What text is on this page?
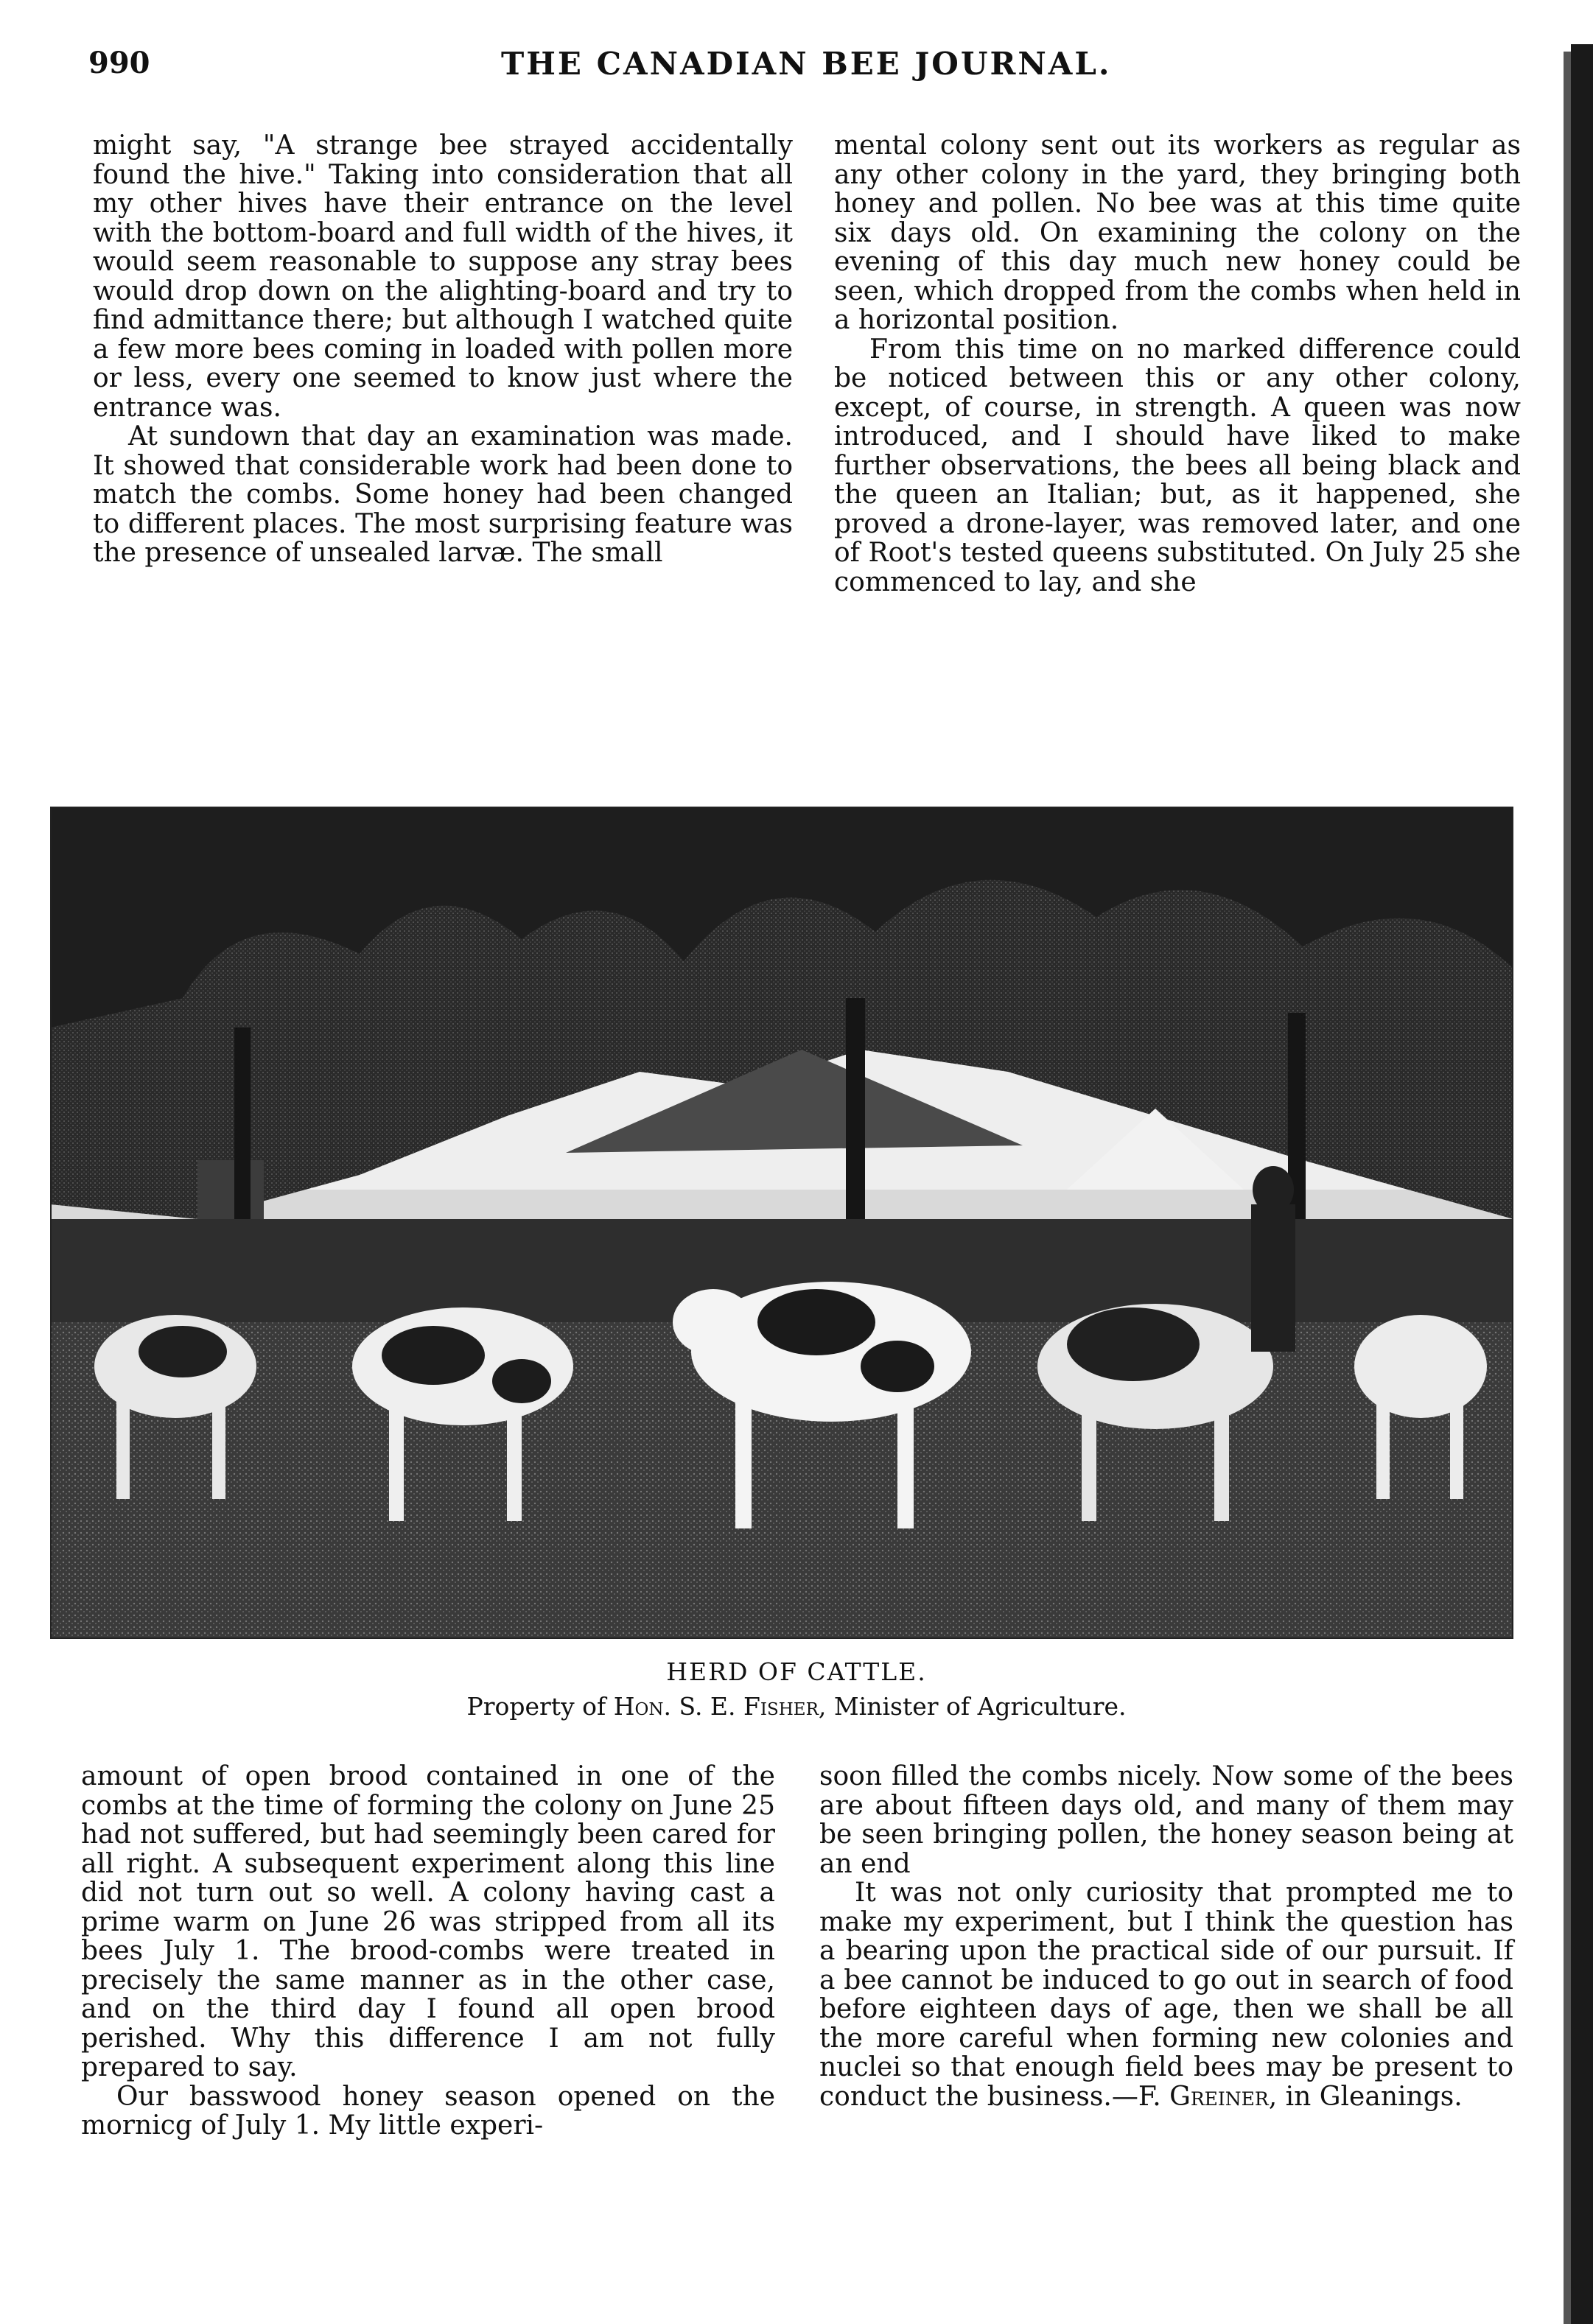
990	THE CANADIAN BEE JOURNAL.

might say, "A strange bee strayed accidentally found the hive." Taking into consideration that all my other hives have their entrance on the level with the bottom-board and full width of the hives, it would seem reasonable to suppose any stray bees would drop down on the alighting-board and try to find admittance there; but although I watched quite a few more bees coming in loaded with pollen more or less, every one seemed to know just where the entrance was.

At sundown that day an examination was made. It showed that considerable work had been done to match the combs. Some honey had been changed to different places. The most surprising feature was the presence of unsealed larvæ. The small

mental colony sent out its workers as regular as any other colony in the yard, they bringing both honey and pollen. No bee was at this time quite six days old. On examining the colony on the evening of this day much new honey could be seen, which dropped from the combs when held in a horizontal position.

From this time on no marked difference could be noticed between this or any other colony, except, of course, in strength. A queen was now introduced, and I should have liked to make further observations, the bees all being black and the queen an Italian; but, as it happened, she proved a drone-layer, was removed later, and one of Root's tested queens substituted. On July 25 she commenced to lay, and she

HERD OF CATTLE.
Property of Hon. S. E. Fisher, Minister of Agriculture.

amount of open brood contained in one of the combs at the time of forming the colony on June 25 had not suffered, but had seemingly been cared for all right. A subsequent experiment along this line did not turn out so well. A colony having cast a prime warm on June 26 was stripped from all its bees July 1. The brood-combs were treated in precisely the same manner as in the other case, and on the third day I found all open brood perished. Why this difference I am not fully prepared to say.

Our basswood honey season opened on the mornicg of July 1. My little experi-

soon filled the combs nicely. Now some of the bees are about fifteen days old, and many of them may be seen bringing pollen, the honey season being at an end

It was not only curiosity that prompted me to make my experiment, but I think the question has a bearing upon the practical side of our pursuit. If a bee cannot be induced to go out in search of food before eighteen days of age, then we shall be all the more careful when forming new colonies and nuclei so that enough field bees may be present to conduct the business.—F. Greiner, in Gleanings.
